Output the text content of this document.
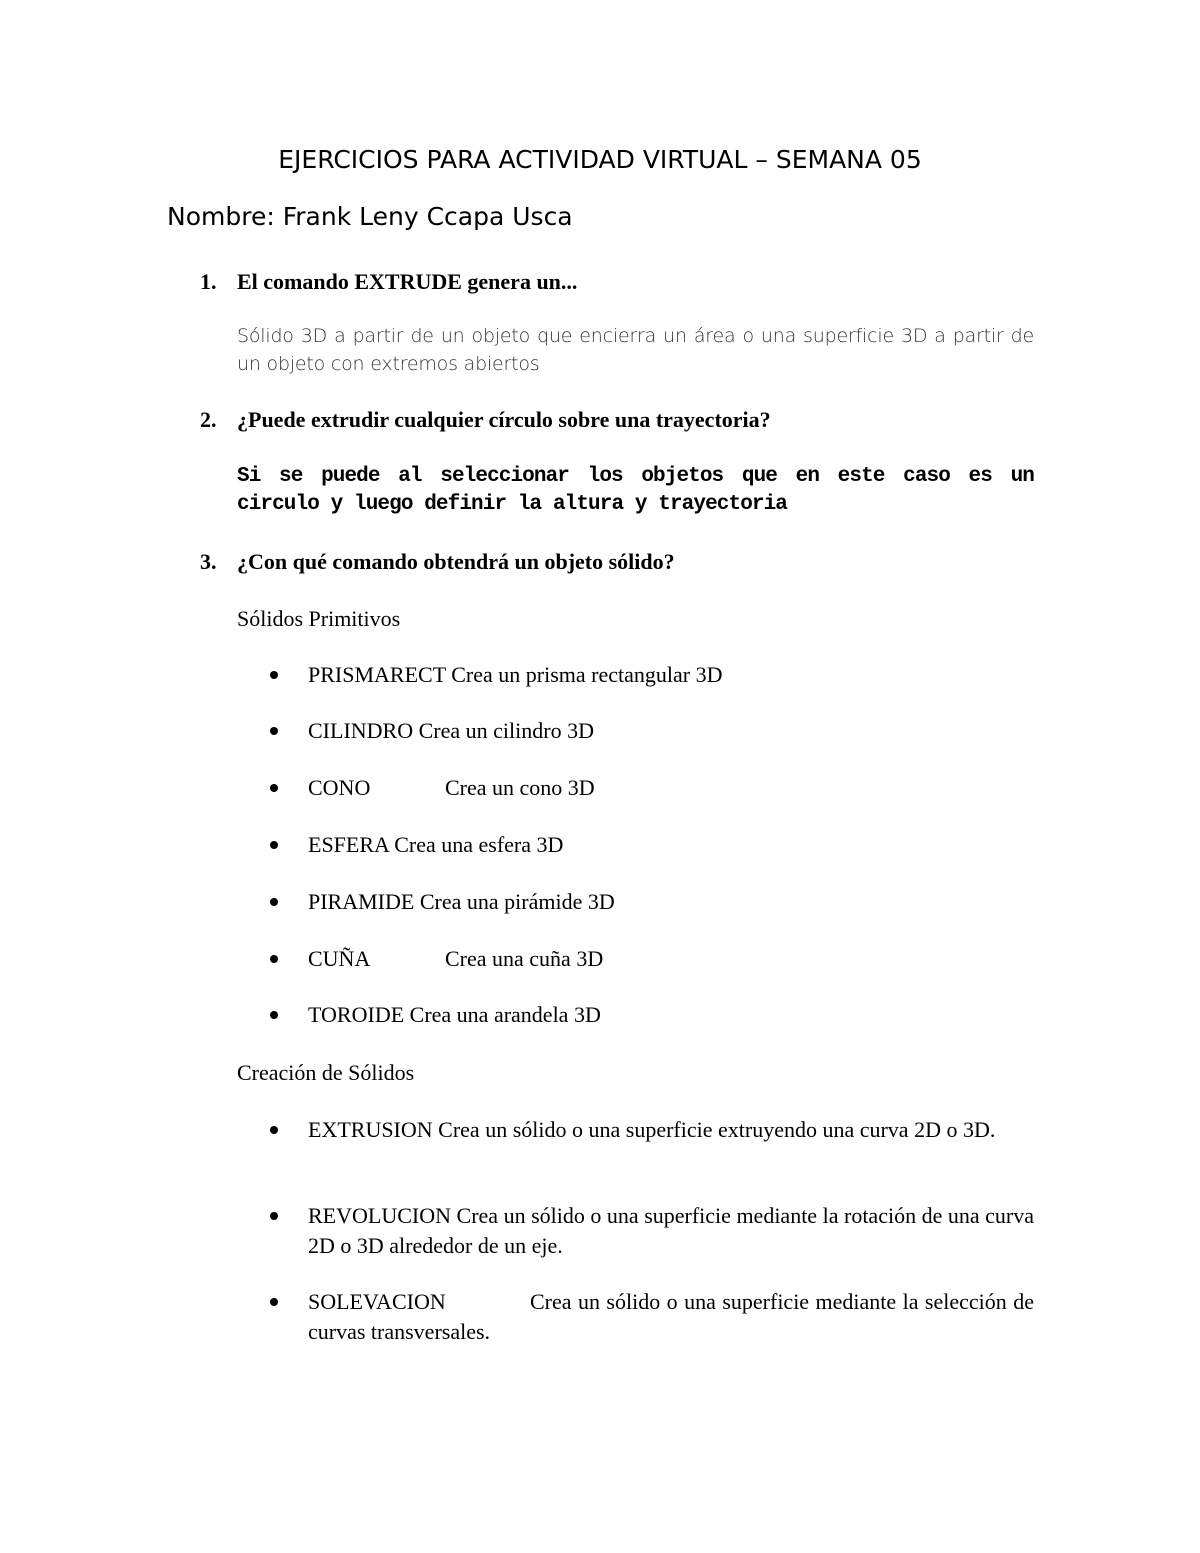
EJERCICIOS PARA ACTIVIDAD VIRTUAL – SEMANA 05
Nombre: Frank Leny Ccapa Usca
1. El comando EXTRUDE genera un...
Sólido 3D a partir de un objeto que encierra un área o una superficie 3D a partir de un objeto con extremos abiertos
2. ¿Puede extrudir cualquier círculo sobre una trayectoria?
Si se puede al seleccionar los objetos que en este caso es un circulo y luego definir la altura y trayectoria
3. ¿Con qué comando obtendrá un objeto sólido?
Sólidos Primitivos
PRISMARECT Crea un prisma rectangular 3D
CILINDRO Crea un cilindro 3D
CONO	Crea un cono 3D
ESFERA Crea una esfera 3D
PIRAMIDE Crea una pirámide 3D
CUÑA	Crea una cuña 3D
TOROIDE Crea una arandela 3D
Creación de Sólidos
EXTRUSION Crea un sólido o una superficie extruyendo una curva 2D o 3D.
REVOLUCION Crea un sólido o una superficie mediante la rotación de una curva 2D o 3D alrededor de un eje.
SOLEVACION	Crea un sólido o una superficie mediante la selección de curvas transversales.
